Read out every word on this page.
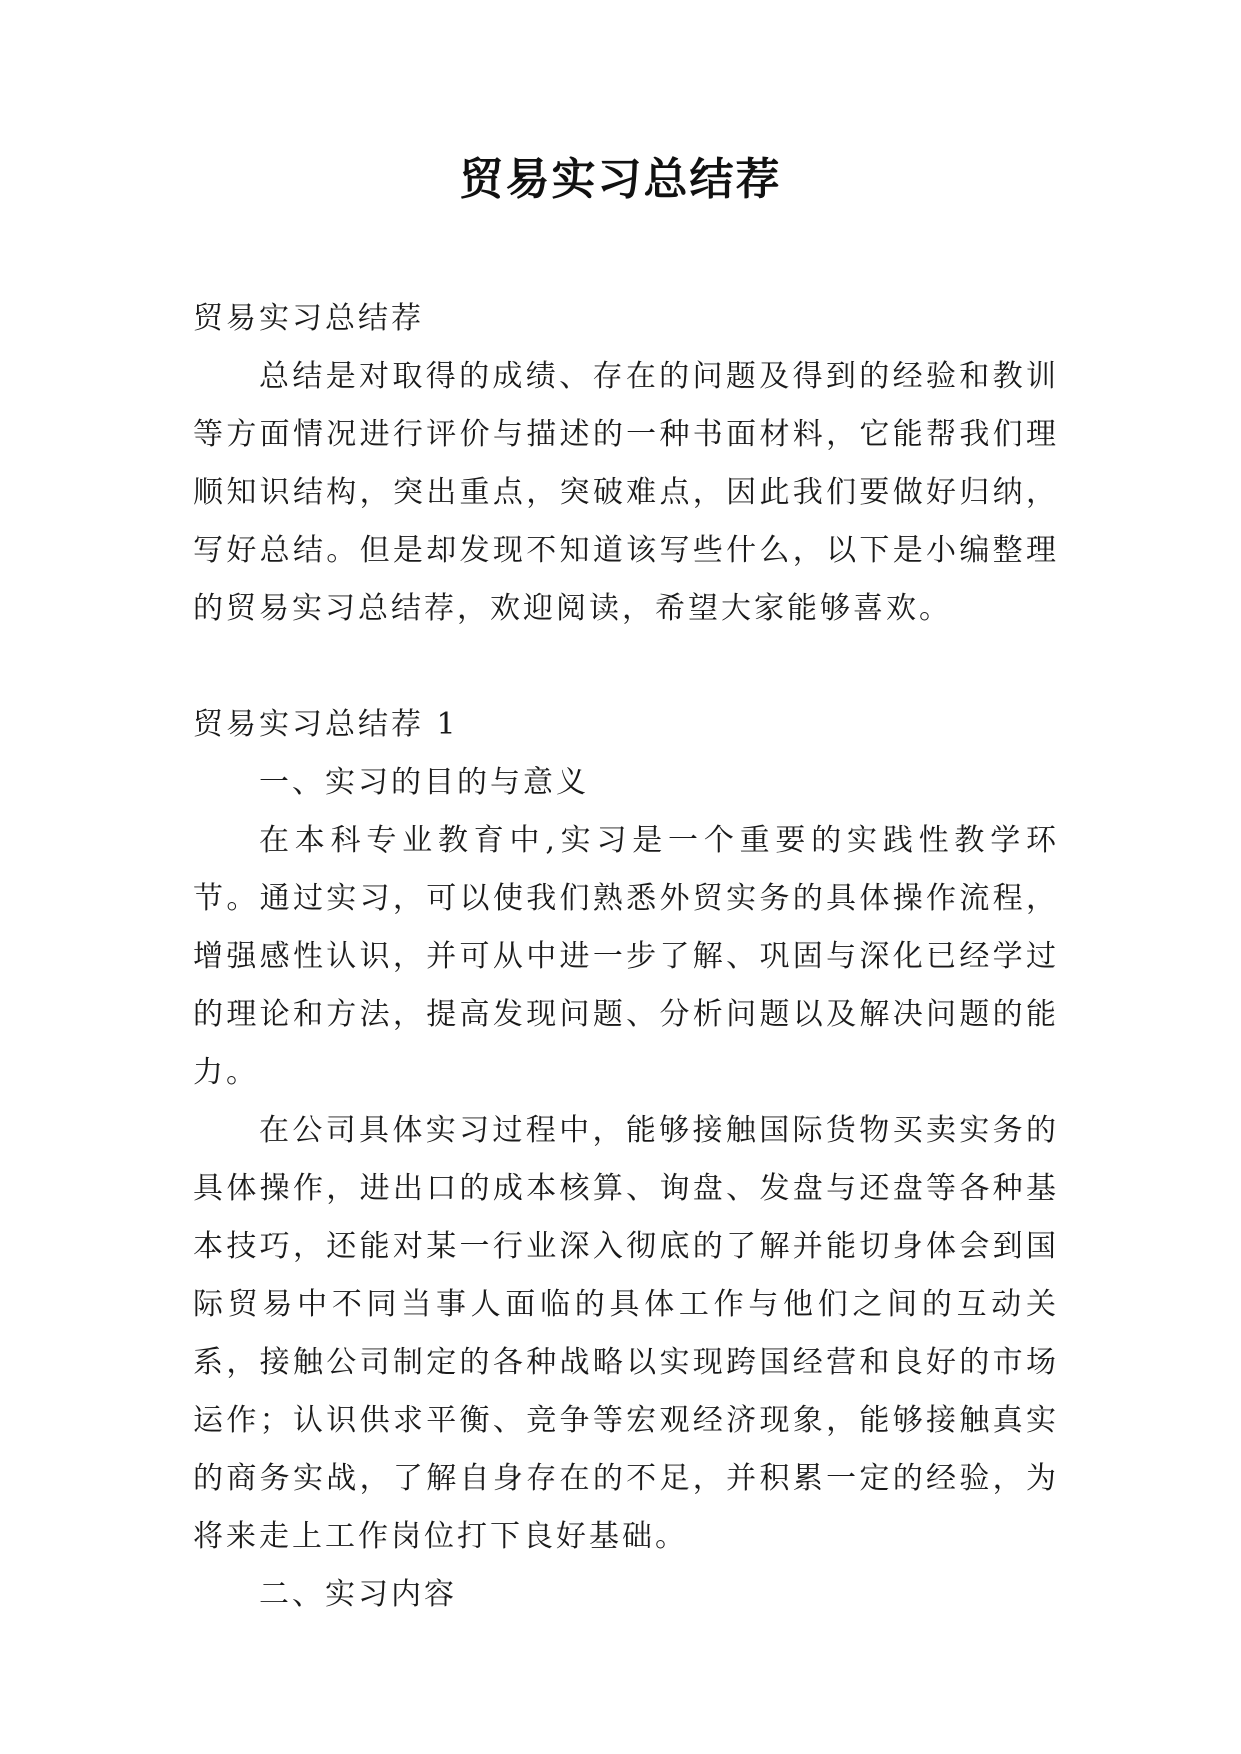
贸易实习总结荐

贸易实习总结荐

总结是对取得的成绩、存在的问题及得到的经验和教训等方面情况进行评价与描述的一种书面材料，它能帮我们理顺知识结构，突出重点，突破难点，因此我们要做好归纳，写好总结。但是却发现不知道该写些什么，以下是小编整理的贸易实习总结荐，欢迎阅读，希望大家能够喜欢。

贸易实习总结荐 1

一、实习的目的与意义

在本科专业教育中,实习是一个重要的实践性教学环节。通过实习，可以使我们熟悉外贸实务的具体操作流程，增强感性认识，并可从中进一步了解、巩固与深化已经学过的理论和方法，提高发现问题、分析问题以及解决问题的能力。

在公司具体实习过程中，能够接触国际货物买卖实务的具体操作，进出口的成本核算、询盘、发盘与还盘等各种基本技巧，还能对某一行业深入彻底的了解并能切身体会到国际贸易中不同当事人面临的具体工作与他们之间的互动关系，接触公司制定的各种战略以实现跨国经营和良好的市场运作；认识供求平衡、竞争等宏观经济现象，能够接触真实的商务实战，了解自身存在的不足，并积累一定的经验，为将来走上工作岗位打下良好基础。

二、实习内容
